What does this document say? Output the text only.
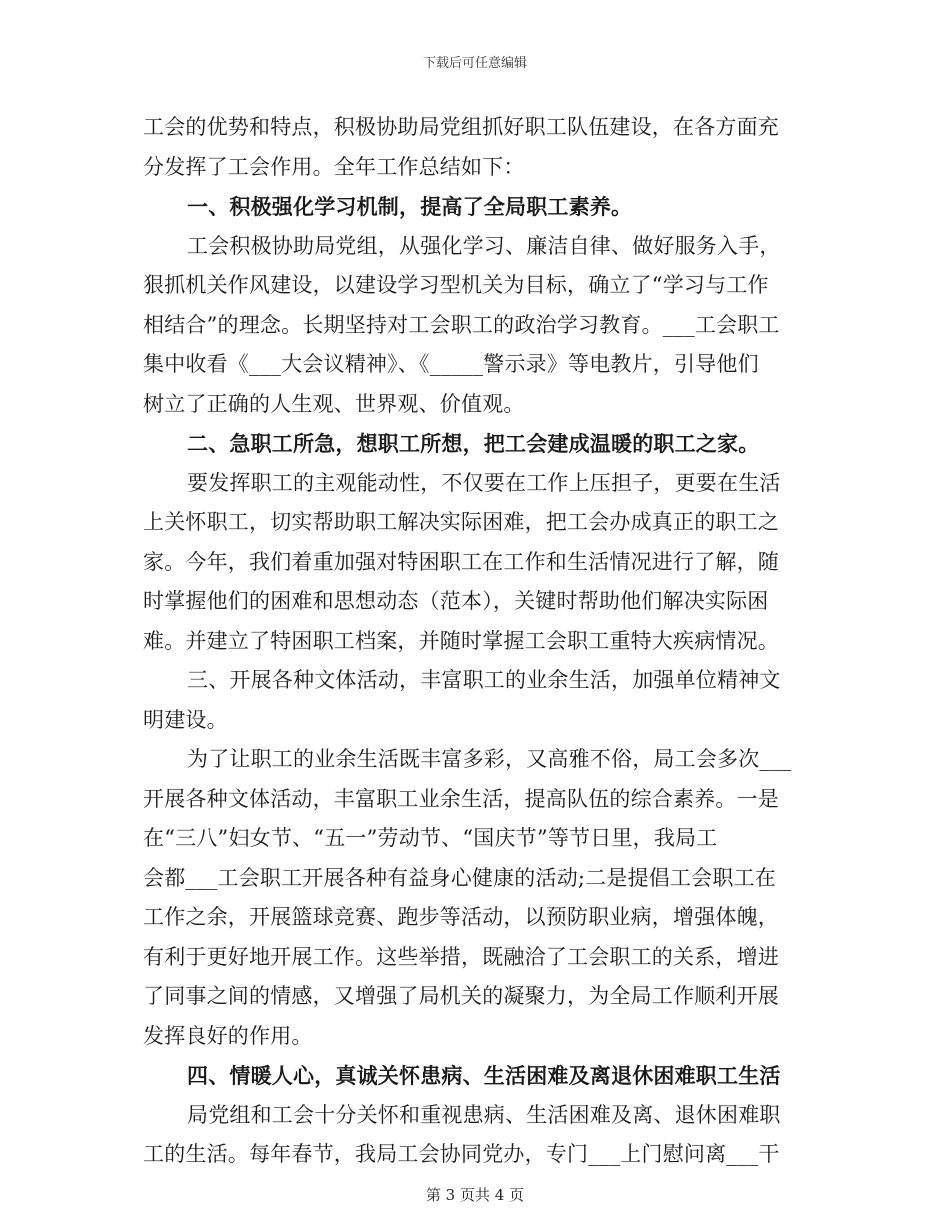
下载后可任意编辑
工会的优势和特点，积极协助局党组抓好职工队伍建设，在各方面充
分发挥了工会作用。全年工作总结如下：
一、积极强化学习机制，提高了全局职工素养。
工会积极协助局党组，从强化学习、廉洁自律、做好服务入手，
狠抓机关作风建设，以建设学习型机关为目标，确立了“学习与工作
相结合”的理念。长期坚持对工会职工的政治学习教育。___工会职工
集中收看《___大会议精神》、《_____警示录》等电教片，引导他们
树立了正确的人生观、世界观、价值观。
二、急职工所急，想职工所想，把工会建成温暖的职工之家。
要发挥职工的主观能动性，不仅要在工作上压担子，更要在生活
上关怀职工，切实帮助职工解决实际困难，把工会办成真正的职工之
家。今年，我们着重加强对特困职工在工作和生活情况进行了解，随
时掌握他们的困难和思想动态（范本），关键时帮助他们解决实际困
难。并建立了特困职工档案，并随时掌握工会职工重特大疾病情况。
三、开展各种文体活动，丰富职工的业余生活，加强单位精神文
明建设。
为了让职工的业余生活既丰富多彩，又高雅不俗，局工会多次___
开展各种文体活动，丰富职工业余生活，提高队伍的综合素养。一是
在“三八”妇女节、“五一”劳动节、“国庆节”等节日里，我局工
会都___工会职工开展各种有益身心健康的活动;二是提倡工会职工在
工作之余，开展篮球竞赛、跑步等活动，以预防职业病，增强体魄，
有利于更好地开展工作。这些举措，既融洽了工会职工的关系，增进
了同事之间的情感，又增强了局机关的凝聚力，为全局工作顺利开展
发挥良好的作用。
四、情暖人心，真诚关怀患病、生活困难及离退休困难职工生活
局党组和工会十分关怀和重视患病、生活困难及离、退休困难职
工的生活。每年春节，我局工会协同党办，专门___上门慰问离___干
第 3 页共 4 页
